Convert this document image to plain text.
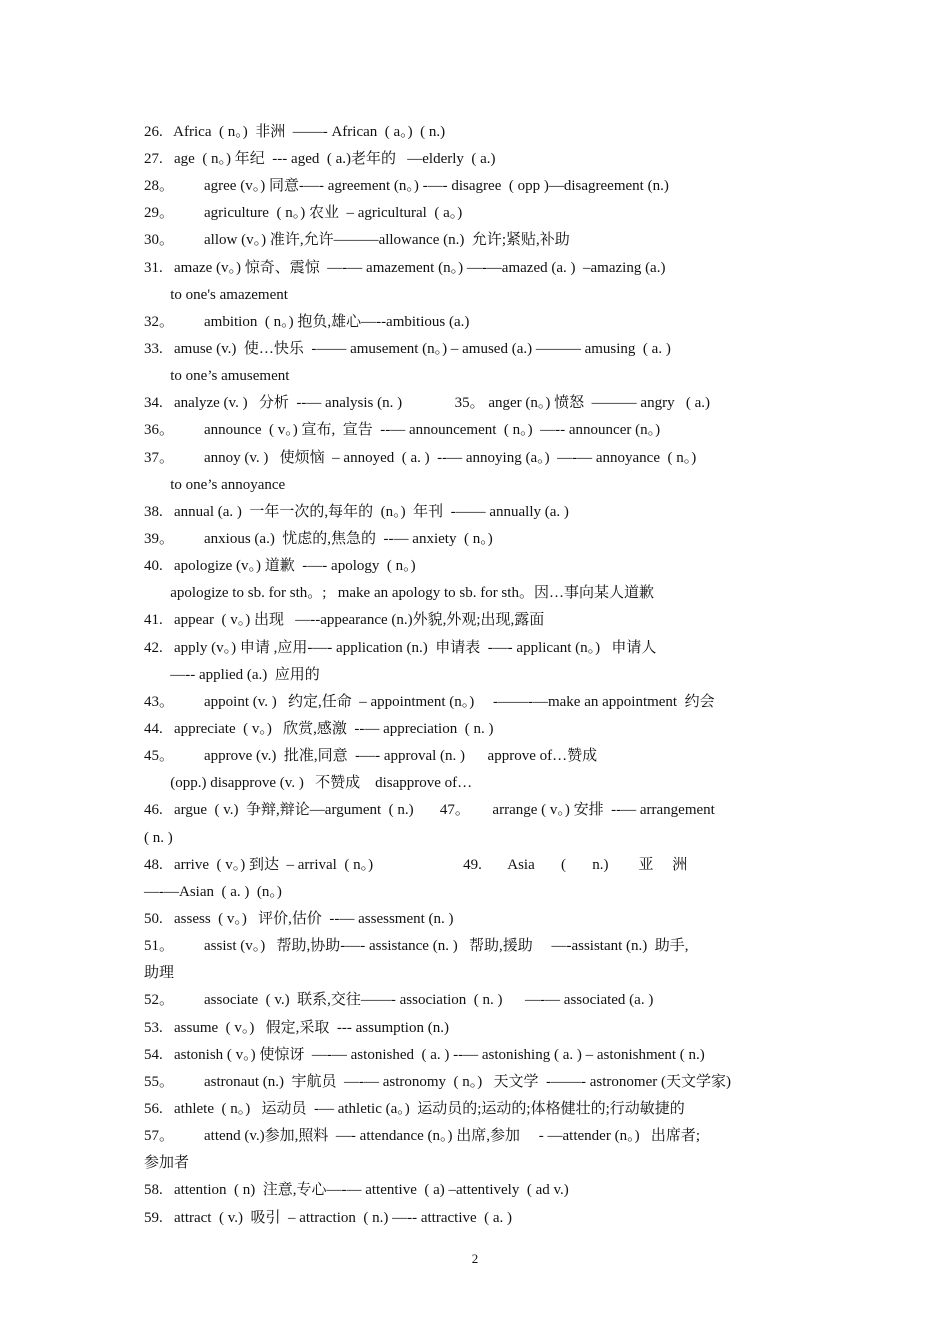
26.   Africa  ( n。)  非洲  ——- African  ( a。)  ( n.)
27.   age  ( n。) 年纪  --- aged  ( a.)老年的   —elderly  ( a.)
28。        agree (v。) 同意-—- agreement (n。) -—- disagree  ( opp )—disagreement (n.)
29。        agriculture  ( n。) 农业  – agricultural  ( a。)
30。        allow (v。) 准许,允许———allowance (n.)  允许;紧贴,补助
31.   amaze (v。) 惊奇、震惊  —-— amazement (n。) —-—amazed (a. )  –amazing (a.)
to one's amazement
32。        ambition  ( n。) 抱负,雄心—--ambitious (a.)
33.   amuse (v.)  使…快乐  -—— amusement (n。) – amused (a.) ——— amusing  ( a. )
to one’s amusement
34.   analyze (v. )   分析  --— analysis (n. )              35。 anger (n。) 愤怒  ——— angry   ( a.)
36。        announce  ( v。) 宣布,  宣告  --— announcement  ( n。)  —-- announcer (n。)
37。        annoy (v. )   使烦恼  – annoyed  ( a. )  --— annoying (a。)  —-— annoyance  ( n。)
to one’s annoyance
38.   annual (a. )  一年一次的,每年的  (n。)  年刊  -—— annually (a. )
39。        anxious (a.)  忧虑的,焦急的  --— anxiety  ( n。)
40.   apologize (v。) 道歉  -—- apology  ( n。)
apologize to sb. for sth。;   make an apology to sb. for sth。因…事向某人道歉
41.   appear  ( v。) 出现   —--appearance (n.)外貌,外观;出现,露面
42.   apply (v。) 申请 ,应用-—- application (n.)  申请表  -—- applicant (n。)   申请人
—-- applied (a.)  应用的
43。        appoint (v. )   约定,任命  – appointment (n。)     -——-—make an appointment  约会
44.   appreciate  ( v。)   欣赏,感激  --— appreciation  ( n. )
45。        approve (v.)  批准,同意  -—- approval (n. )      approve of…赞成
(opp.) disapprove (v. )   不赞成    disapprove of…
46.   argue  ( v.)  争辩,辩论—argument  ( n.)       47。      arrange ( v。) 安排  --— arrangement
( n. )
48.   arrive  ( v。) 到达  – arrival  ( n。)                        49.       Asia       (       n.)        亚     洲
—-—Asian  ( a. )  (n。)
50.   assess  ( v。)   评价,估价  --— assessment (n. )
51。        assist (v。)   帮助,协助-—- assistance (n. )   帮助,援助     —-assistant (n.)  助手,
助理
52。        associate  ( v.)  联系,交往——- association  ( n. )      —-— associated (a. )
53.   assume  ( v。)   假定,采取  --- assumption (n.)
54.   astonish ( v。) 使惊讶  —-— astonished  ( a. ) --— astonishing ( a. ) – astonishment ( n.)
55。        astronaut (n.)  宇航员  —-— astronomy  ( n。)   天文学  -——- astronomer (天文学家)
56.   athlete  ( n。)   运动员  -— athletic (a。)  运动员的;运动的;体格健壮的;行动敏捷的
57。        attend (v.)参加,照料  —- attendance (n。) 出席,参加     - —attender (n。)   出席者;
参加者
58.   attention  ( n)  注意,专心—-— attentive  ( a) –attentively  ( ad v.)
59.   attract  ( v.)  吸引  – attraction  ( n.) —-- attractive  ( a. )
2
